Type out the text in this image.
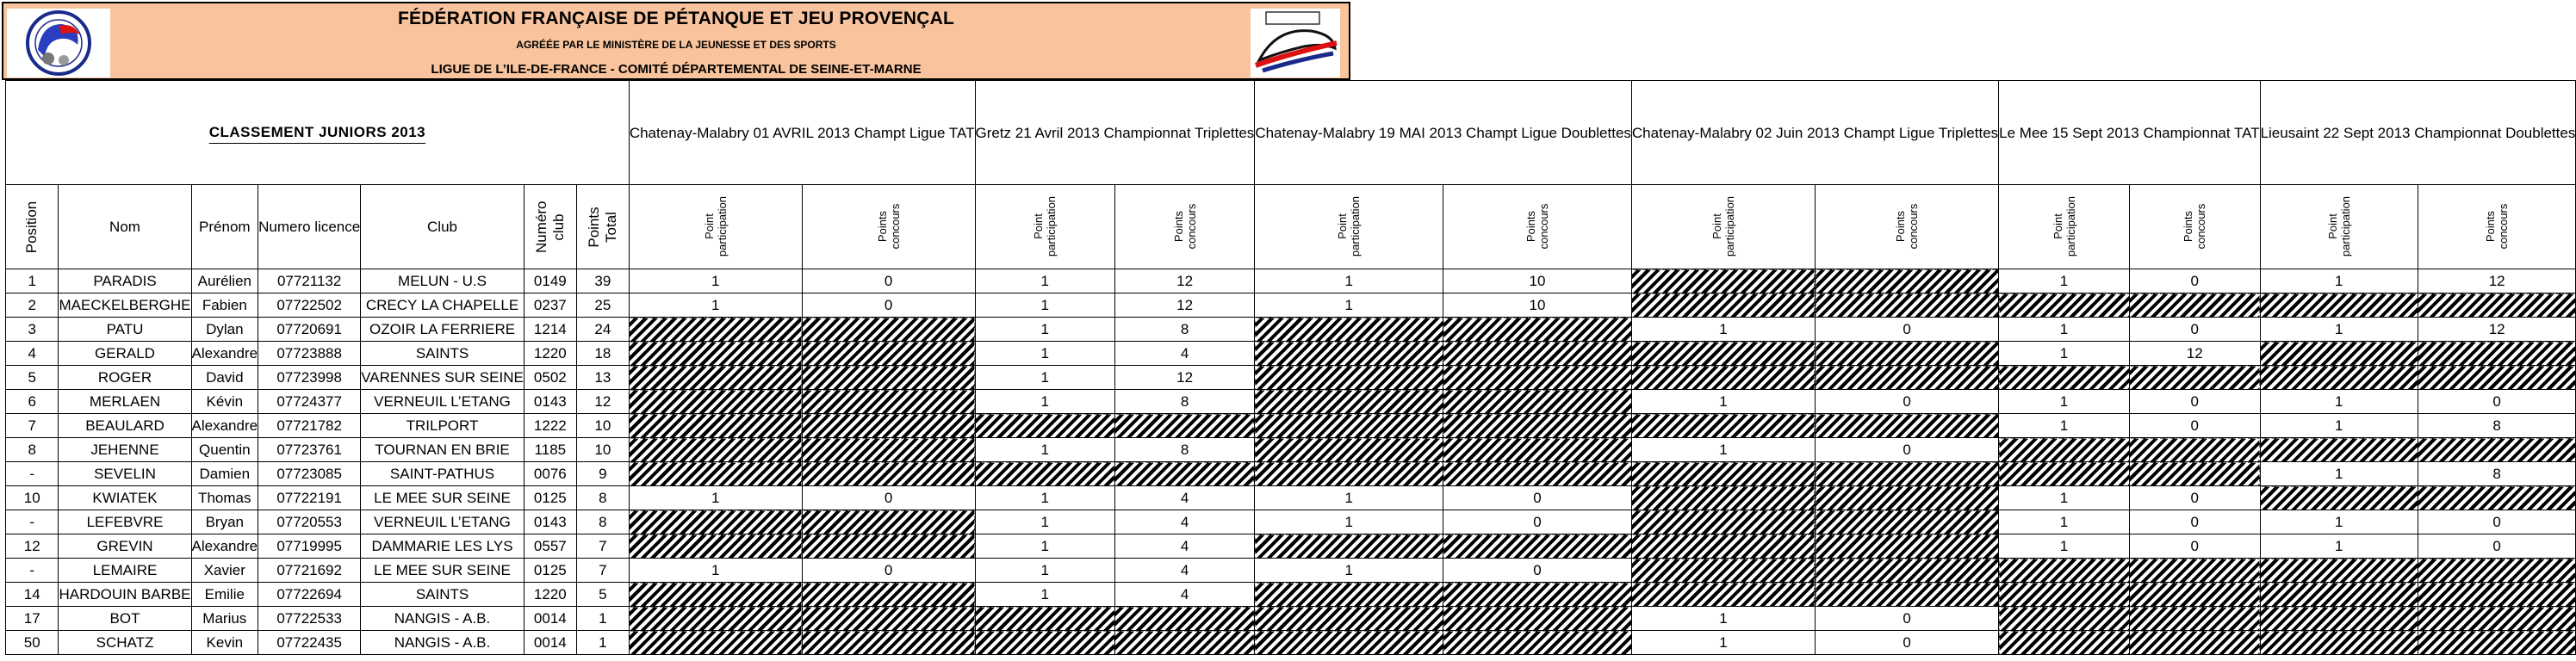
FÉDÉRATION FRANÇAISE DE PÉTANQUE ET JEU PROVENÇAL
AGRÉÉE PAR LE MINISTÈRE DE LA JEUNESSE ET DES SPORTS
LIGUE DE L’ILE-DE-FRANCE - COMITÉ DÉPARTEMENTAL DE SEINE-ET-MARNE
CLASSEMENT JUNIORS 2013							Chatenay-Malabry 01 AVRIL 2013 Champt Ligue TAT		Gretz 21 Avril 2013 Championnat Triplettes		Chatenay-Malabry 19 MAI 2013 Champt Ligue Doublettes		Chatenay-Malabry 02 Juin 2013 Champt Ligue Triplettes		Le Mee 15 Sept 2013 Championnat TAT		Lieusaint 22 Sept 2013 Championnat Doublettes	
Position	Nom	Prénom	Numero licence	Club	Numéro club	Points Total	Point participation	Points concours	Point participation	Points concours	Point participation	Points concours	Point participation	Points concours	Point participation	Points concours	Point participation	Points concours
1	PARADIS	Aurélien	07721132	MELUN - U.S	0149	39	1	0	1	12	1	10			1	0	1	12
2	MAECKELBERGHE	Fabien	07722502	CRECY LA CHAPELLE	0237	25	1	0	1	12	1	10						
3	PATU	Dylan	07720691	OZOIR LA FERRIERE	1214	24			1	8			1	0	1	0	1	12
4	GERALD	Alexandre	07723888	SAINTS	1220	18			1	4					1	12		
5	ROGER	David	07723998	VARENNES SUR SEINE	0502	13			1	12								
6	MERLAEN	Kévin	07724377	VERNEUIL L’ETANG	0143	12			1	8			1	0	1	0	1	0
7	BEAULARD	Alexandre	07721782	TRILPORT	1222	10									1	0	1	8
8	JEHENNE	Quentin	07723761	TOURNAN EN BRIE	1185	10			1	8			1	0				
-	SEVELIN	Damien	07723085	SAINT-PATHUS	0076	9											1	8
10	KWIATEK	Thomas	07722191	LE MEE SUR SEINE	0125	8	1	0	1	4	1	0			1	0		
-	LEFEBVRE	Bryan	07720553	VERNEUIL L’ETANG	0143	8			1	4	1	0			1	0	1	0
12	GREVIN	Alexandre	07719995	DAMMARIE LES LYS	0557	7			1	4					1	0	1	0
-	LEMAIRE	Xavier	07721692	LE MEE SUR SEINE	0125	7	1	0	1	4	1	0						
14	HARDOUIN BARBE	Emilie	07722694	SAINTS	1220	5			1	4								
17	BOT	Marius	07722533	NANGIS - A.B.	0014	1							1	0				
50	SCHATZ	Kevin	07722435	NANGIS - A.B.	0014	1							1	0				
